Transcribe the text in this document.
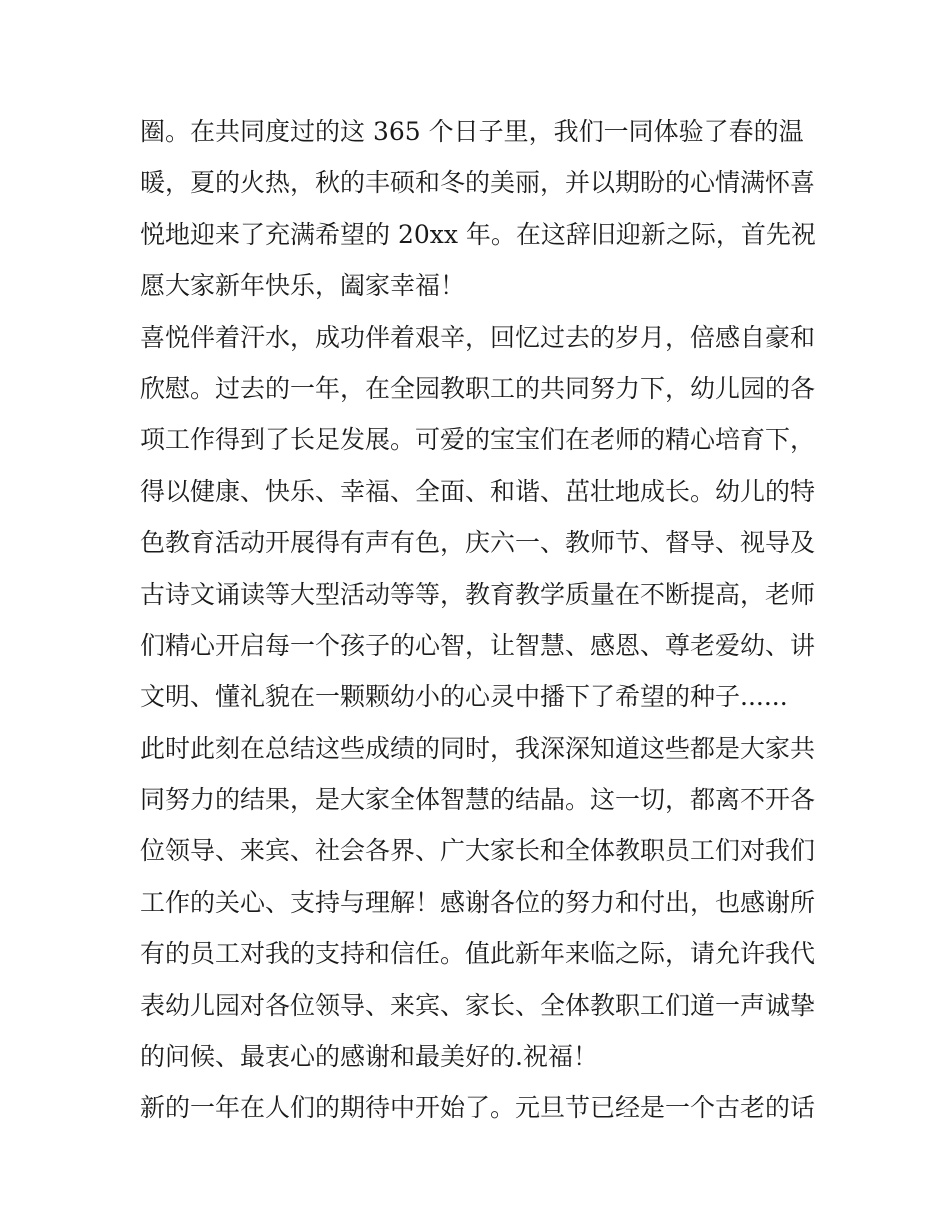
圈。在共同度过的这 365 个日子里，我们一同体验了春的温
暖，夏的火热，秋的丰硕和冬的美丽，并以期盼的心情满怀喜
悦地迎来了充满希望的 20xx 年。在这辞旧迎新之际，首先祝
愿大家新年快乐，阖家幸福！
喜悦伴着汗水，成功伴着艰辛，回忆过去的岁月，倍感自豪和
欣慰。过去的一年，在全园教职工的共同努力下，幼儿园的各
项工作得到了长足发展。可爱的宝宝们在老师的精心培育下，
得以健康、快乐、幸福、全面、和谐、茁壮地成长。幼儿的特
色教育活动开展得有声有色，庆六一、教师节、督导、视导及
古诗文诵读等大型活动等等，教育教学质量在不断提高，老师
们精心开启每一个孩子的心智，让智慧、感恩、尊老爱幼、讲
文明、懂礼貌在一颗颗幼小的心灵中播下了希望的种子......
此时此刻在总结这些成绩的同时，我深深知道这些都是大家共
同努力的结果，是大家全体智慧的结晶。这一切，都离不开各
位领导、来宾、社会各界、广大家长和全体教职员工们对我们
工作的关心、支持与理解！感谢各位的努力和付出，也感谢所
有的员工对我的支持和信任。值此新年来临之际，请允许我代
表幼儿园对各位领导、来宾、家长、全体教职工们道一声诚挚
的问候、最衷心的感谢和最美好的.祝福！
新的一年在人们的期待中开始了。元旦节已经是一个古老的话
